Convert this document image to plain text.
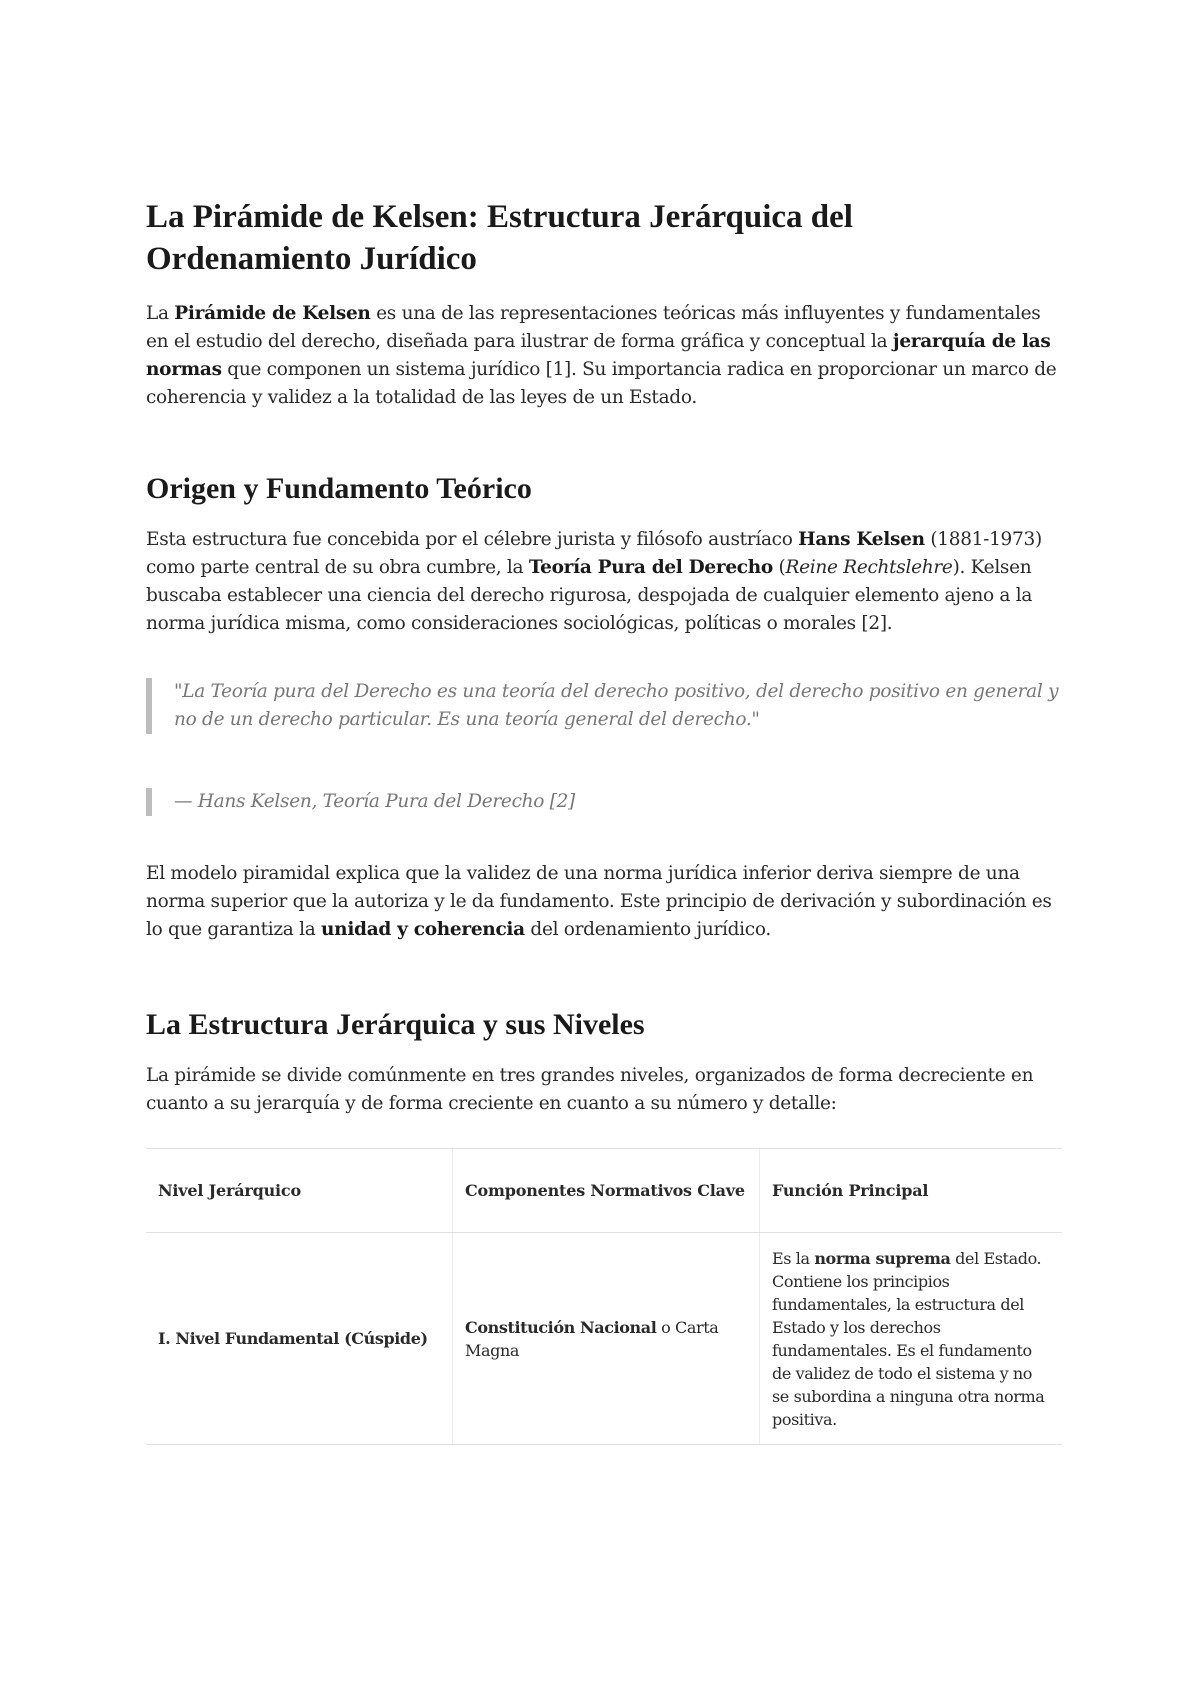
La Pirámide de Kelsen: Estructura Jerárquica del Ordenamiento Jurídico

La Pirámide de Kelsen es una de las representaciones teóricas más influyentes y fundamentales en el estudio del derecho, diseñada para ilustrar de forma gráfica y conceptual la jerarquía de las normas que componen un sistema jurídico [1]. Su importancia radica en proporcionar un marco de coherencia y validez a la totalidad de las leyes de un Estado.

Origen y Fundamento Teórico

Esta estructura fue concebida por el célebre jurista y filósofo austríaco Hans Kelsen (1881-1973) como parte central de su obra cumbre, la Teoría Pura del Derecho (Reine Rechtslehre). Kelsen buscaba establecer una ciencia del derecho rigurosa, despojada de cualquier elemento ajeno a la norma jurídica misma, como consideraciones sociológicas, políticas o morales [2].

"La Teoría pura del Derecho es una teoría del derecho positivo, del derecho positivo en general y no de un derecho particular. Es una teoría general del derecho."
— Hans Kelsen, Teoría Pura del Derecho [2]

El modelo piramidal explica que la validez de una norma jurídica inferior deriva siempre de una norma superior que la autoriza y le da fundamento. Este principio de derivación y subordinación es lo que garantiza la unidad y coherencia del ordenamiento jurídico.

La Estructura Jerárquica y sus Niveles

La pirámide se divide comúnmente en tres grandes niveles, organizados de forma decreciente en cuanto a su jerarquía y de forma creciente en cuanto a su número y detalle:

Nivel Jerárquico	Componentes Normativos Clave	Función Principal
I. Nivel Fundamental (Cúspide)	Constitución Nacional o Carta Magna	Es la norma suprema del Estado. Contiene los principios fundamentales, la estructura del Estado y los derechos fundamentales. Es el fundamento de validez de todo el sistema y no se subordina a ninguna otra norma positiva.
